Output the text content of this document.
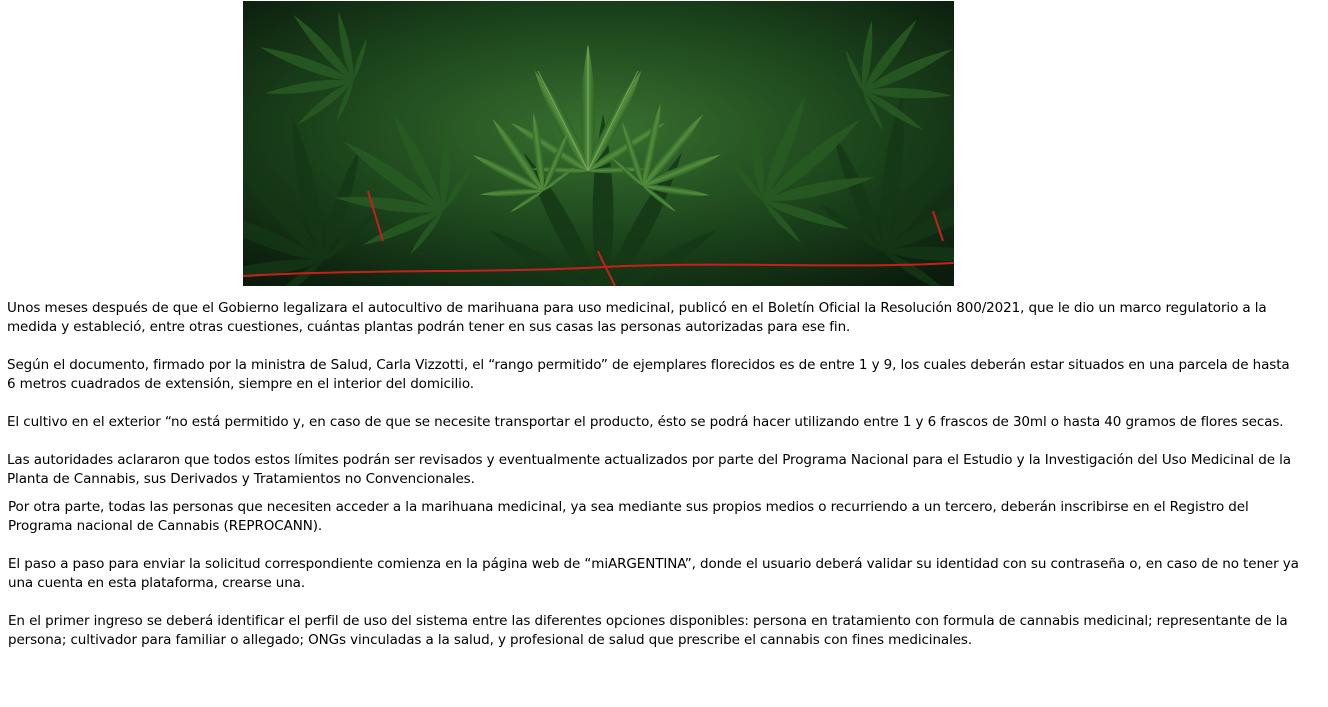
Unos meses después de que el Gobierno legalizara el autocultivo de marihuana para uso medicinal, publicó en el Boletín Oficial la Resolución 800/2021, que le dio un marco regulatorio a la medida y estableció, entre otras cuestiones, cuántas plantas podrán tener en sus casas las personas autorizadas para ese fin.

Según el documento, firmado por la ministra de Salud, Carla Vizzotti, el “rango permitido” de ejemplares florecidos es de entre 1 y 9, los cuales deberán estar situados en una parcela de hasta 6 metros cuadrados de extensión, siempre en el interior del domicilio.

El cultivo en el exterior “no está permitido y, en caso de que se necesite transportar el producto, ésto se podrá hacer utilizando entre 1 y 6 frascos de 30ml o hasta 40 gramos de flores secas.

Las autoridades aclararon que todos estos límites podrán ser revisados y eventualmente actualizados por parte del Programa Nacional para el Estudio y la Investigación del Uso Medicinal de la Planta de Cannabis, sus Derivados y Tratamientos no Convencionales.

Por otra parte, todas las personas que necesiten acceder a la marihuana medicinal, ya sea mediante sus propios medios o recurriendo a un tercero, deberán inscribirse en el Registro del Programa nacional de Cannabis (REPROCANN).

El paso a paso para enviar la solicitud correspondiente comienza en la página web de “miARGENTINA”, donde el usuario deberá validar su identidad con su contraseña o, en caso de no tener ya una cuenta en esta plataforma, crearse una.

En el primer ingreso se deberá identificar el perfil de uso del sistema entre las diferentes opciones disponibles: persona en tratamiento con formula de cannabis medicinal; representante de la persona; cultivador para familiar o allegado; ONGs vinculadas a la salud, y profesional de salud que prescribe el cannabis con fines medicinales.
